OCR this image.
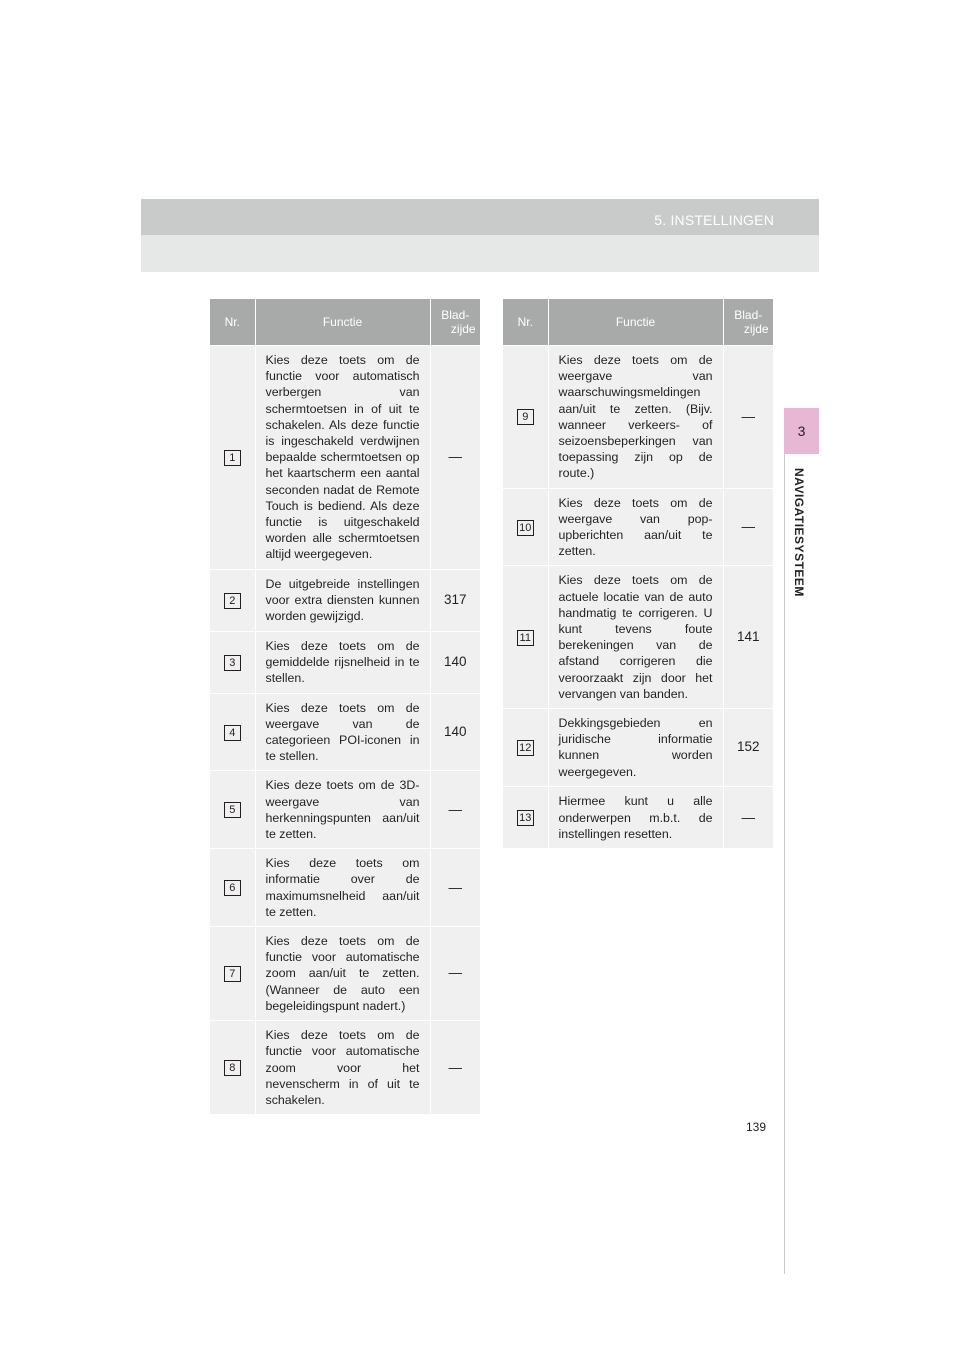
5. INSTELLINGEN
3
NAVIGATIESYSTEEM
Nr.	Functie	Blad-
zijde

1	Kies deze toets om de functie voor automatisch verbergen van schermtoetsen in of uit te schakelen. Als deze functie is ingeschakeld verdwijnen bepaalde schermtoetsen op het kaartscherm een aantal seconden nadat de Remote Touch is bediend. Als deze functie is uitgeschakeld worden alle schermtoetsen altijd weergegeven.	—
2	De uitgebreide instellingen voor extra diensten kunnen worden gewijzigd.	317
3	Kies deze toets om de gemiddelde rijsnelheid in te stellen.	140
4	Kies deze toets om de weergave van de categorieen POI-iconen in te stellen.	140
5	Kies deze toets om de 3D-weergave van herkenningspunten aan/uit te zetten.	—
6	Kies deze toets om informatie over de maximumsnelheid aan/uit te zetten.	—
7	Kies deze toets om de functie voor automatische zoom aan/uit te zetten. (Wanneer de auto een begeleidingspunt nadert.)	—
8	Kies deze toets om de functie voor automatische zoom voor het nevenscherm in of uit te schakelen.	—
Nr.	Functie	Blad-
zijde

9	Kies deze toets om de weergave van waarschuwingsmeldingen aan/uit te zetten. (Bijv. wanneer verkeers- of seizoensbeperkingen van toepassing zijn op de route.)	—
10	Kies deze toets om de weergave van pop-upberichten aan/uit te zetten.	—
11	Kies deze toets om de actuele locatie van de auto handmatig te corrigeren. U kunt tevens foute berekeningen van de afstand corrigeren die veroorzaakt zijn door het vervangen van banden.	141
12	Dekkingsgebieden en juridische informatie kunnen worden weergegeven.	152
13	Hiermee kunt u alle onderwerpen m.b.t. de instellingen resetten.	—
139
